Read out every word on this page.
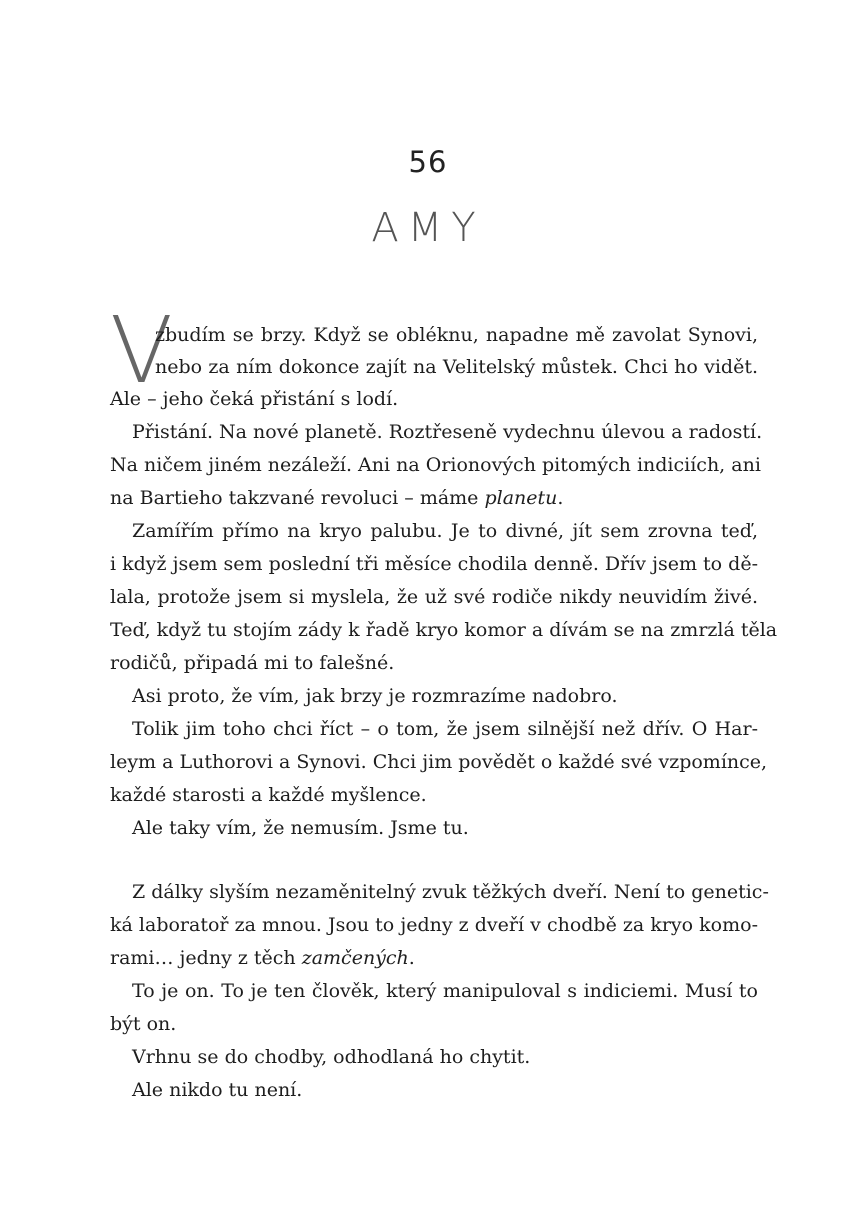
56
AMY
V
zbudím se brzy. Když se obléknu, napadne mě zavolat Synovi,
nebo za ním dokonce zajít na Velitelský můstek. Chci ho vidět.
Ale – jeho čeká přistání s lodí.
Přistání. Na nové planetě. Roztřeseně vydechnu úlevou a radostí.
Na ničem jiném nezáleží. Ani na Orionových pitomých indiciích, ani
na Bartieho takzvané revoluci – máme planetu.
Zamířím přímo na kryo palubu. Je to divné, jít sem zrovna teď,
i když jsem sem poslední tři měsíce chodila denně. Dřív jsem to dě-
lala, protože jsem si myslela, že už své rodiče nikdy neuvidím živé.
Teď, když tu stojím zády k řadě kryo komor a dívám se na zmrzlá těla
rodičů, připadá mi to falešné.
Asi proto, že vím, jak brzy je rozmrazíme nadobro.
Tolik jim toho chci říct – o tom, že jsem silnější než dřív. O Har-
leym a Luthorovi a Synovi. Chci jim povědět o každé své vzpomínce,
každé starosti a každé myšlence.
Ale taky vím, že nemusím. Jsme tu.
Z dálky slyším nezaměnitelný zvuk těžkých dveří. Není to genetic-
ká laboratoř za mnou. Jsou to jedny z dveří v chodbě za kryo komo-
rami… jedny z těch zamčených.
To je on. To je ten člověk, který manipuloval s indiciemi. Musí to
být on.
Vrhnu se do chodby, odhodlaná ho chytit.
Ale nikdo tu není.
